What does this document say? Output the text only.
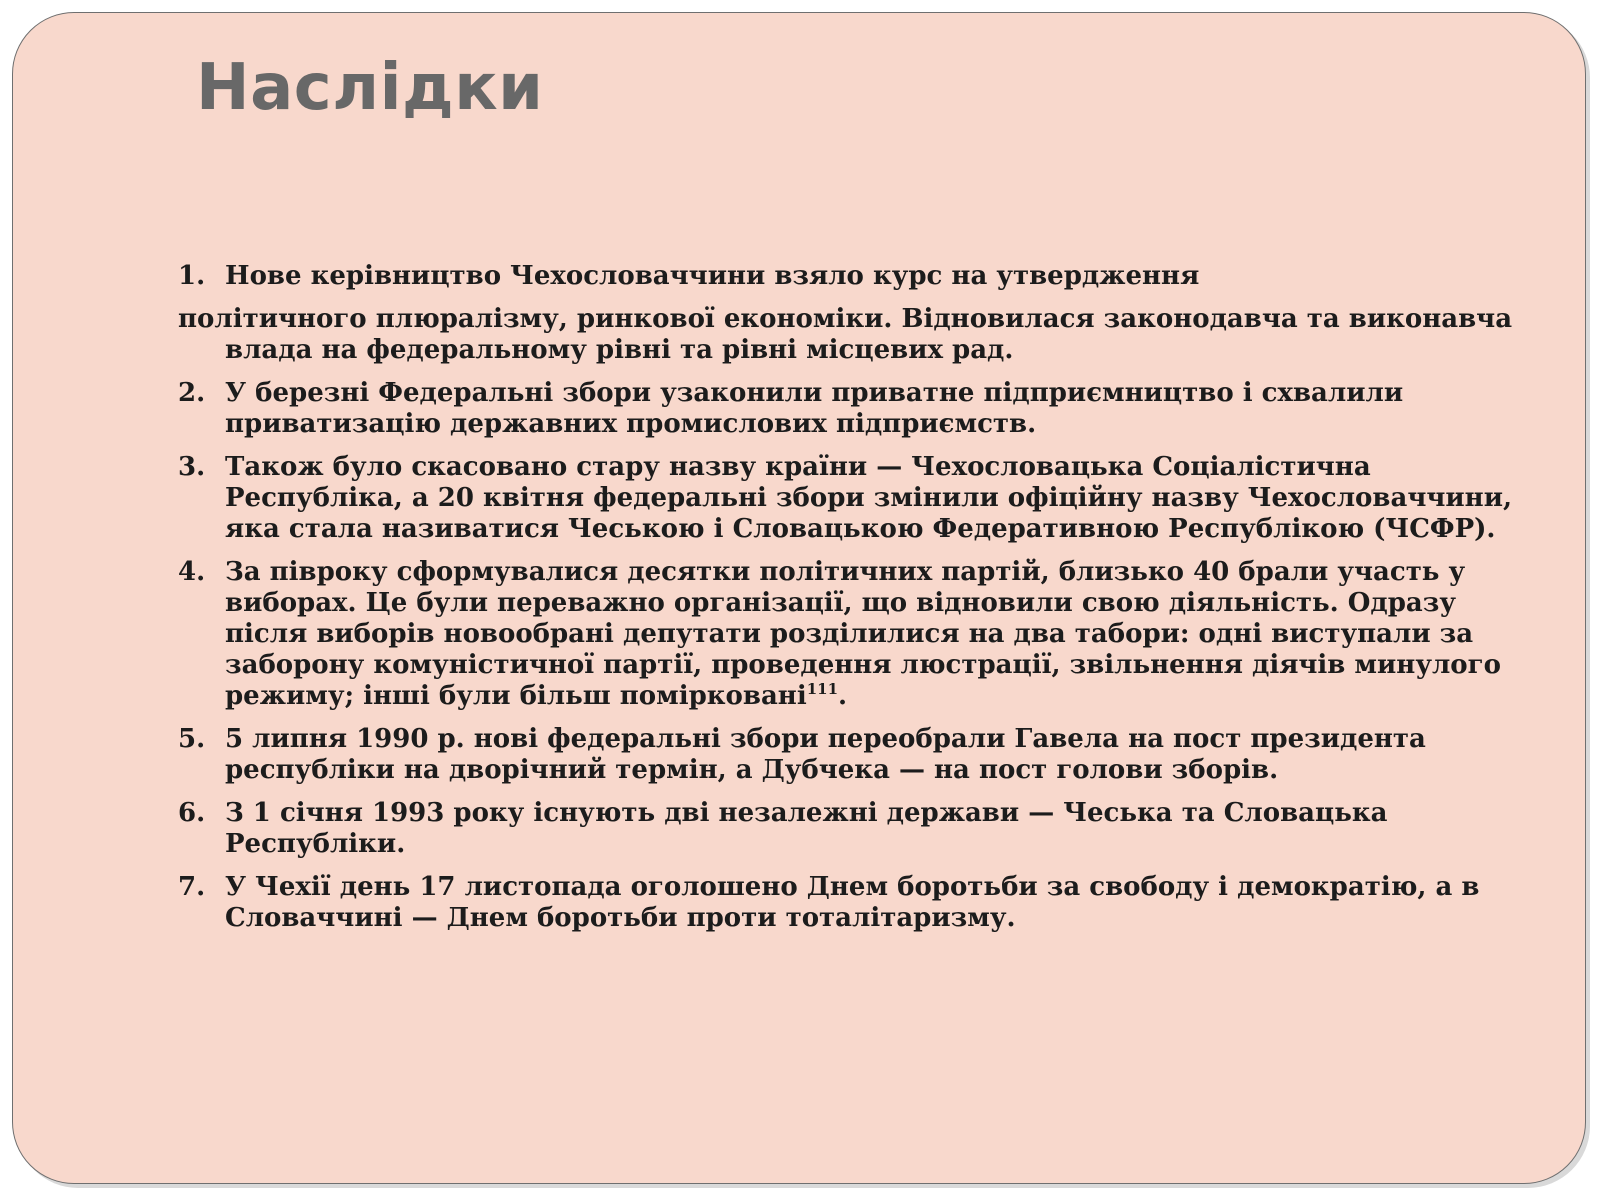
Наслідки

1. Нове керівництво Чехословаччини взяло курс на утвердження

політичного плюралізму, ринкової економіки. Відновилася законодавча та виконавча

влада на федеральному рівні та рівні місцевих рад.

2. У березні Федеральні збори узаконили приватне підприємництво і схвалили приватизацію державних промислових підприємств.

3. Також було скасовано стару назву країни — Чехословацька Соціалістична Республіка, а 20 квітня федеральні збори змінили офіційну назву Чехословаччини, яка стала називатися Чеською і Словацькою Федеративною Республікою (ЧСФР).

4. За півроку сформувалися десятки політичних партій, близько 40 брали участь у виборах. Це були переважно організації, що відновили свою діяльність. Одразу після виборів новообрані депутати розділилися на два табори: одні виступали за заборону комуністичної партії, проведення люстрації, звільнення діячів минулого режиму; інші були більш помірковані$^{111}$.

5. 5 липня 1990 р. нові федеральні збори переобрали Гавела на пост президента республіки на дворічний термін, а Дубчека — на пост голови зборів.

6. З 1 січня 1993 року існують дві незалежні держави — Чеська та Словацька Республіки.

7. У Чехії день 17 листопада оголошено Днем боротьби за свободу і демократію, а в Словаччині — Днем боротьби проти тоталітаризму.
